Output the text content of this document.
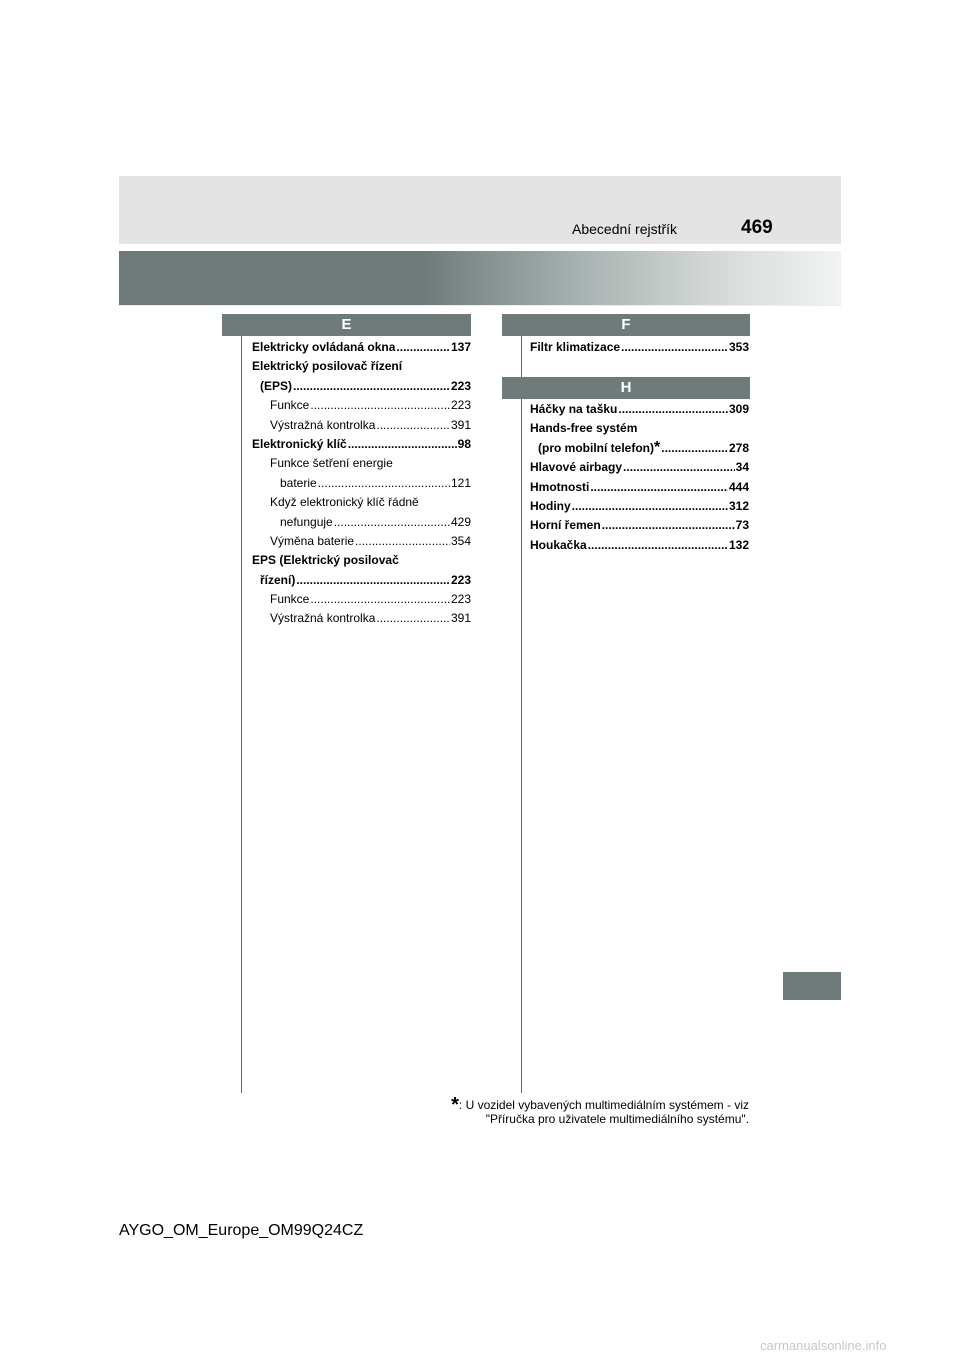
Abecední rejstřík	469
E
Elektricky ovládaná okna .....	137
Elektrický posilovač řízení
(EPS) .....	223
Funkce .....	223
Výstražná kontrolka .....	391
Elektronický klíč .....	98
Funkce šetření energie
baterie .....	121
Když elektronický klíč řádně
nefunguje .....	429
Výměna baterie .....	354
EPS (Elektrický posilovač
řízení) .....	223
Funkce .....	223
Výstražná kontrolka .....	391
F
Filtr klimatizace .....	353
H
Háčky na tašku .....	309
Hands-free systém
(pro mobilní telefon) * .....	278
Hlavové airbagy .....	34
Hmotnosti .....	444
Hodiny .....	312
Horní řemen .....	73
Houkačka .....	132
*: U vozidel vybavených multimediálním systémem - viz
"Příručka pro uživatele multimediálního systému".
AYGO_OM_Europe_OM99Q24CZ
carmanualsonline.info
